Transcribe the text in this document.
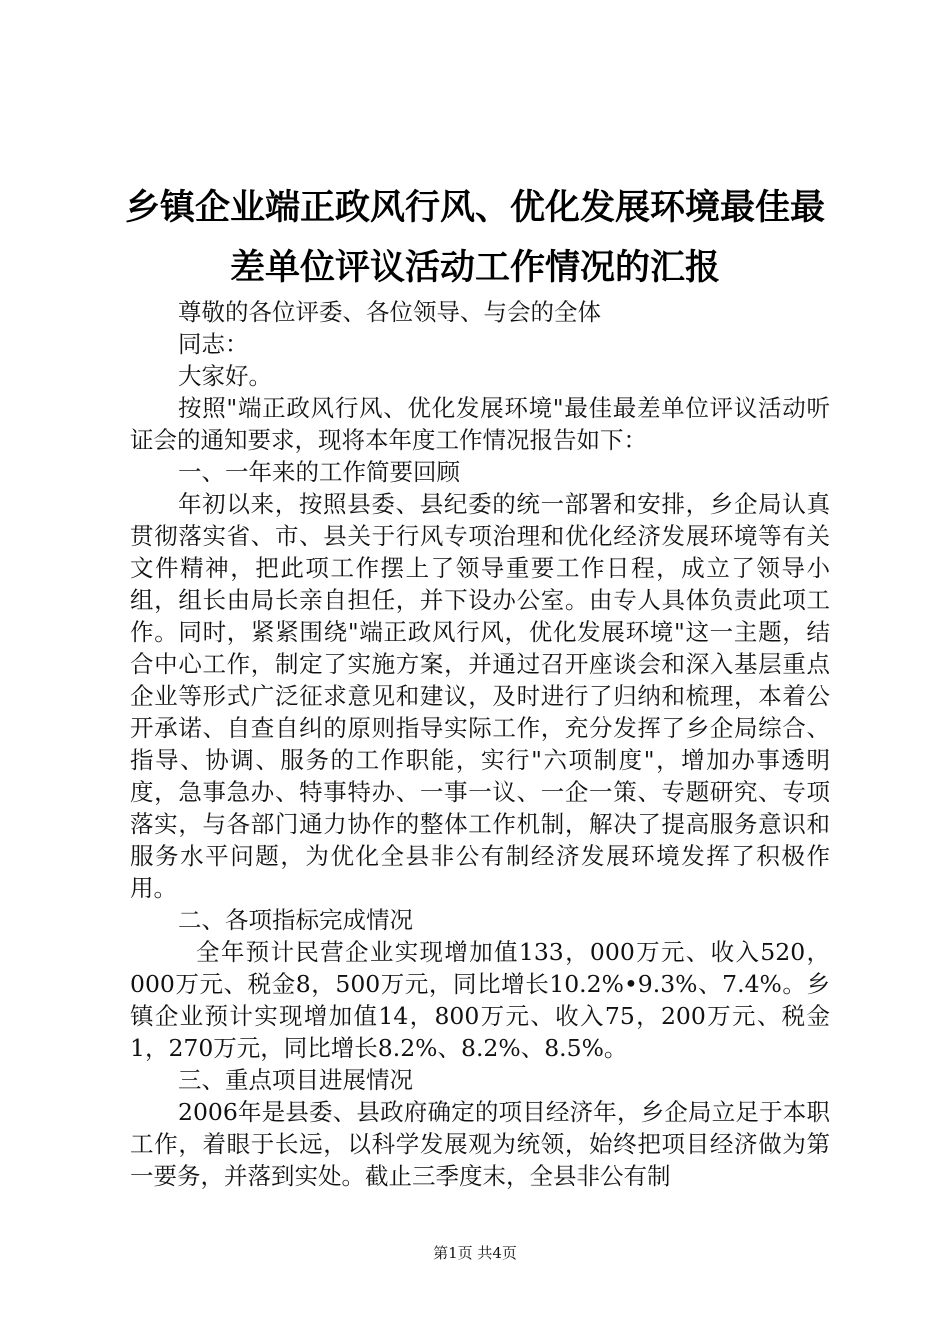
乡镇企业端正政风行风、优化发展环境最佳最
差单位评议活动工作情况的汇报

尊敬的各位评委、各位领导、与会的全体

同志：

大家好。

按照"端正政风行风、优化发展环境"最佳最差单位评议活动听证会的通知要求，现将本年度工作情况报告如下：

一、一年来的工作简要回顾

年初以来，按照县委、县纪委的统一部署和安排，乡企局认真贯彻落实省、市、县关于行风专项治理和优化经济发展环境等有关文件精神，把此项工作摆上了领导重要工作日程，成立了领导小组，组长由局长亲自担任，并下设办公室。由专人具体负责此项工作。同时，紧紧围绕"端正政风行风，优化发展环境"这一主题，结合中心工作，制定了实施方案，并通过召开座谈会和深入基层重点企业等形式广泛征求意见和建议，及时进行了归纳和梳理，本着公开承诺、自查自纠的原则指导实际工作，充分发挥了乡企局综合、指导、协调、服务的工作职能，实行"六项制度"，增加办事透明度，急事急办、特事特办、一事一议、一企一策、专题研究、专项落实，与各部门通力协作的整体工作机制，解决了提高服务意识和服务水平问题，为优化全县非公有制经济发展环境发挥了积极作用。

二、各项指标完成情况

全年预计民营企业实现增加值133，000万元、收入520，000万元、税金8，500万元，同比增长10.2%•9.3%、7.4%。乡镇企业预计实现增加值14，800万元、收入75，200万元、税金1，270万元，同比增长8.2%、8.2%、8.5%。

三、重点项目进展情况

2006年是县委、县政府确定的项目经济年，乡企局立足于本职工作，着眼于长远，以科学发展观为统领，始终把项目经济做为第一要务，并落到实处。截止三季度末，全县非公有制

第1页 共4页
